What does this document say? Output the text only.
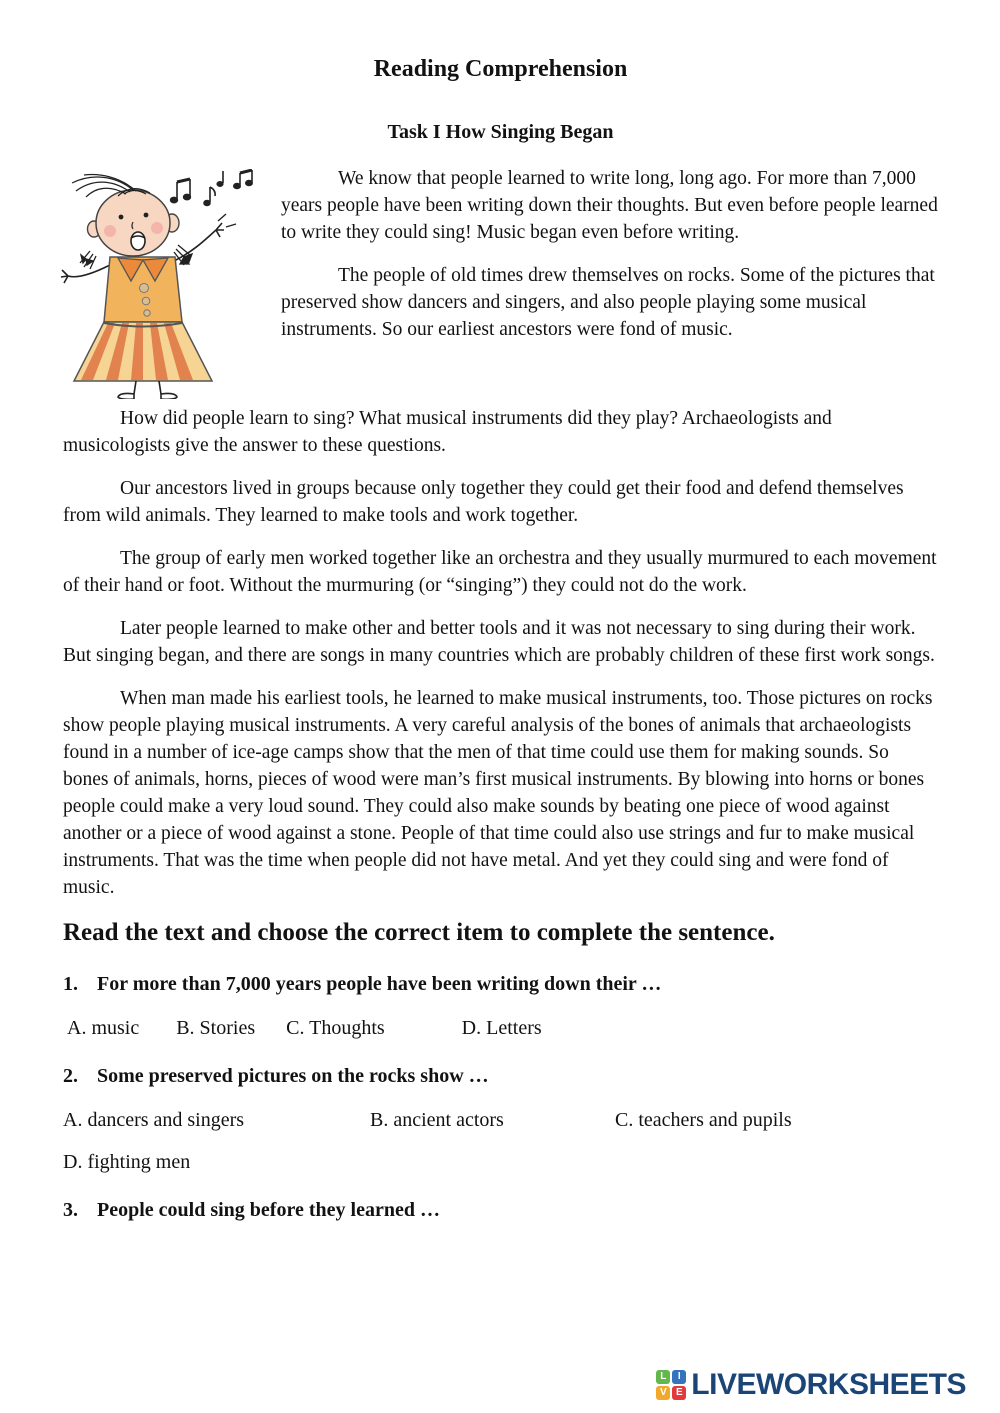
Reading Comprehension
Task I How Singing Began

We know that people learned to write long, long ago. For more than 7,000 years people have been writing down their thoughts. But even before people learned to write they could sing! Music began even before writing.

The people of old times drew themselves on rocks. Some of the pictures that preserved show dancers and singers, and also people playing some musical instruments. So our earliest ancestors were fond of music.

How did people learn to sing? What musical instruments did they play? Archaeologists and musicologists give the answer to these questions.

Our ancestors lived in groups because only together they could get their food and defend themselves from wild animals. They learned to make tools and work together.

The group of early men worked together like an orchestra and they usually murmured to each movement of their hand or foot. Without the murmuring (or “singing”) they could not do the work.

Later people learned to make other and better tools and it was not necessary to sing during their work. But singing began, and there are songs in many countries which are probably children of these first work songs.

When man made his earliest tools, he learned to make musical instruments, too. Those pictures on rocks show people playing musical instruments. A very careful analysis of the bones of animals that archaeologists found in a number of ice-age camps show that the men of that time could use them for making sounds. So bones of animals, horns, pieces of wood were man’s first musical instruments. By blowing into horns or bones people could make a very loud sound. They could also make sounds by beating one piece of wood against another or a piece of wood against a stone. People of that time could also use strings and fur to make musical instruments. That was the time when people did not have metal. And yet they could sing and were fond of music.

Read the text and choose the correct item to complete the sentence.
1. For more than 7,000 years people have been writing down their …
A. music B. Stories C. Thoughts	D. Letters
2. Some preserved pictures on the rocks show …
A. dancers and singers	B. ancient actors	C. teachers and pupils
D. fighting men
3. People could sing before they learned …
L	I
V E LIVEWORKSHEETS
